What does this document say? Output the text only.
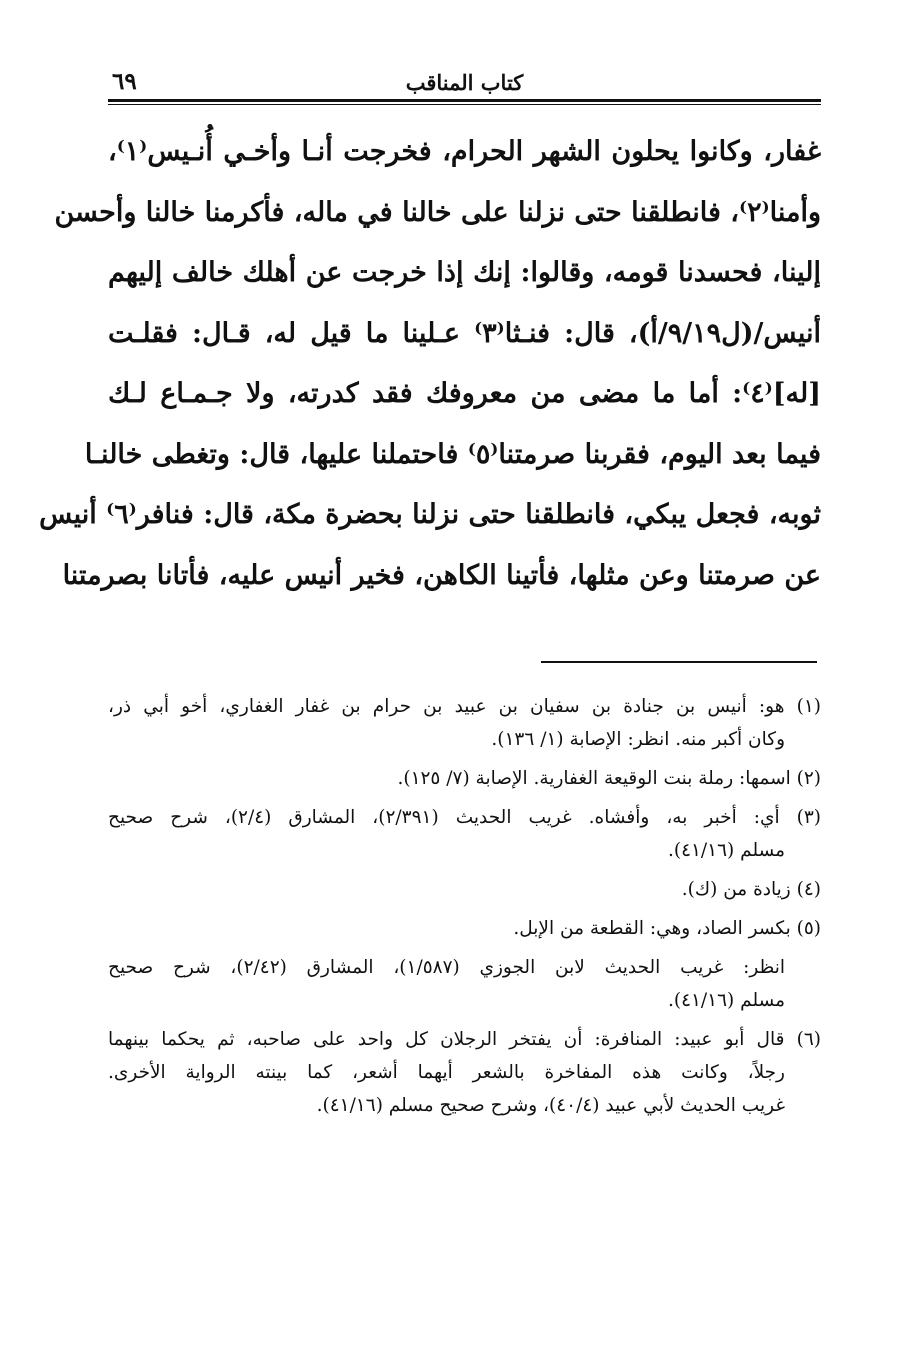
كتاب المناقب
٦٩
غفار، وكانوا يحلون الشهر الحرام، فخرجت أنـا وأخـي أُنـيس⁽١⁾،
وأمنا⁽٢⁾، فانطلقنا حتى نزلنا على خالنا في ماله، فأكرمنا خالنا وأحسن
إلينا، فحسدنا قومه، وقالوا: إنك إذا خرجت عن أهلك خالف إليهم
أنيس/(ل٩/١٩/أ)، قال: فنـثا⁽٣⁾ عـلينا ما قيل له، قـال: فقلـت
[له]⁽٤⁾: أما ما مضى من معروفك فقد كدرته، ولا جـمـاع لـك
فيما بعد اليوم، فقربنا صرمتنا⁽٥⁾ فاحتملنا عليها، قال: وتغطى خالنـا
ثوبه، فجعل يبكي، فانطلقنا حتى نزلنا بحضرة مكة، قال: فنافر⁽٦⁾ أنيس
عن صرمتنا وعن مثلها، فأتينا الكاهن، فخير أنيس عليه، فأتانا بصرمتنا
(١) هو: أنيس بن جنادة بن سفيان بن عبيد بن حرام بن غفار الغفاري، أخو أبي ذر،
وكان أكبر منه. انظر: الإصابة (١/ ١٣٦).
(٢) اسمها: رملة بنت الوقيعة الغفارية. الإصابة (٧/ ١٢٥).
(٣) أي: أخبر به، وأفشاه. غريب الحديث (٢/٣٩١)، المشارق (٢/٤)، شرح صحيح
مسلم (٤١/١٦).
(٤) زيادة من (ك).
(٥) بكسر الصاد، وهي: القطعة من الإبل.
انظر: غريب الحديث لابن الجوزي (١/٥٨٧)، المشارق (٢/٤٢)، شرح صحيح
مسلم (٤١/١٦).
(٦) قال أبو عبيد: المنافرة: أن يفتخر الرجلان كل واحد على صاحبه، ثم يحكما بينهما
رجلاً، وكانت هذه المفاخرة بالشعر أيهما أشعر، كما بينته الرواية الأخرى.
غريب الحديث لأبي عبيد (٤٠/٤)، وشرح صحيح مسلم (٤١/١٦).
